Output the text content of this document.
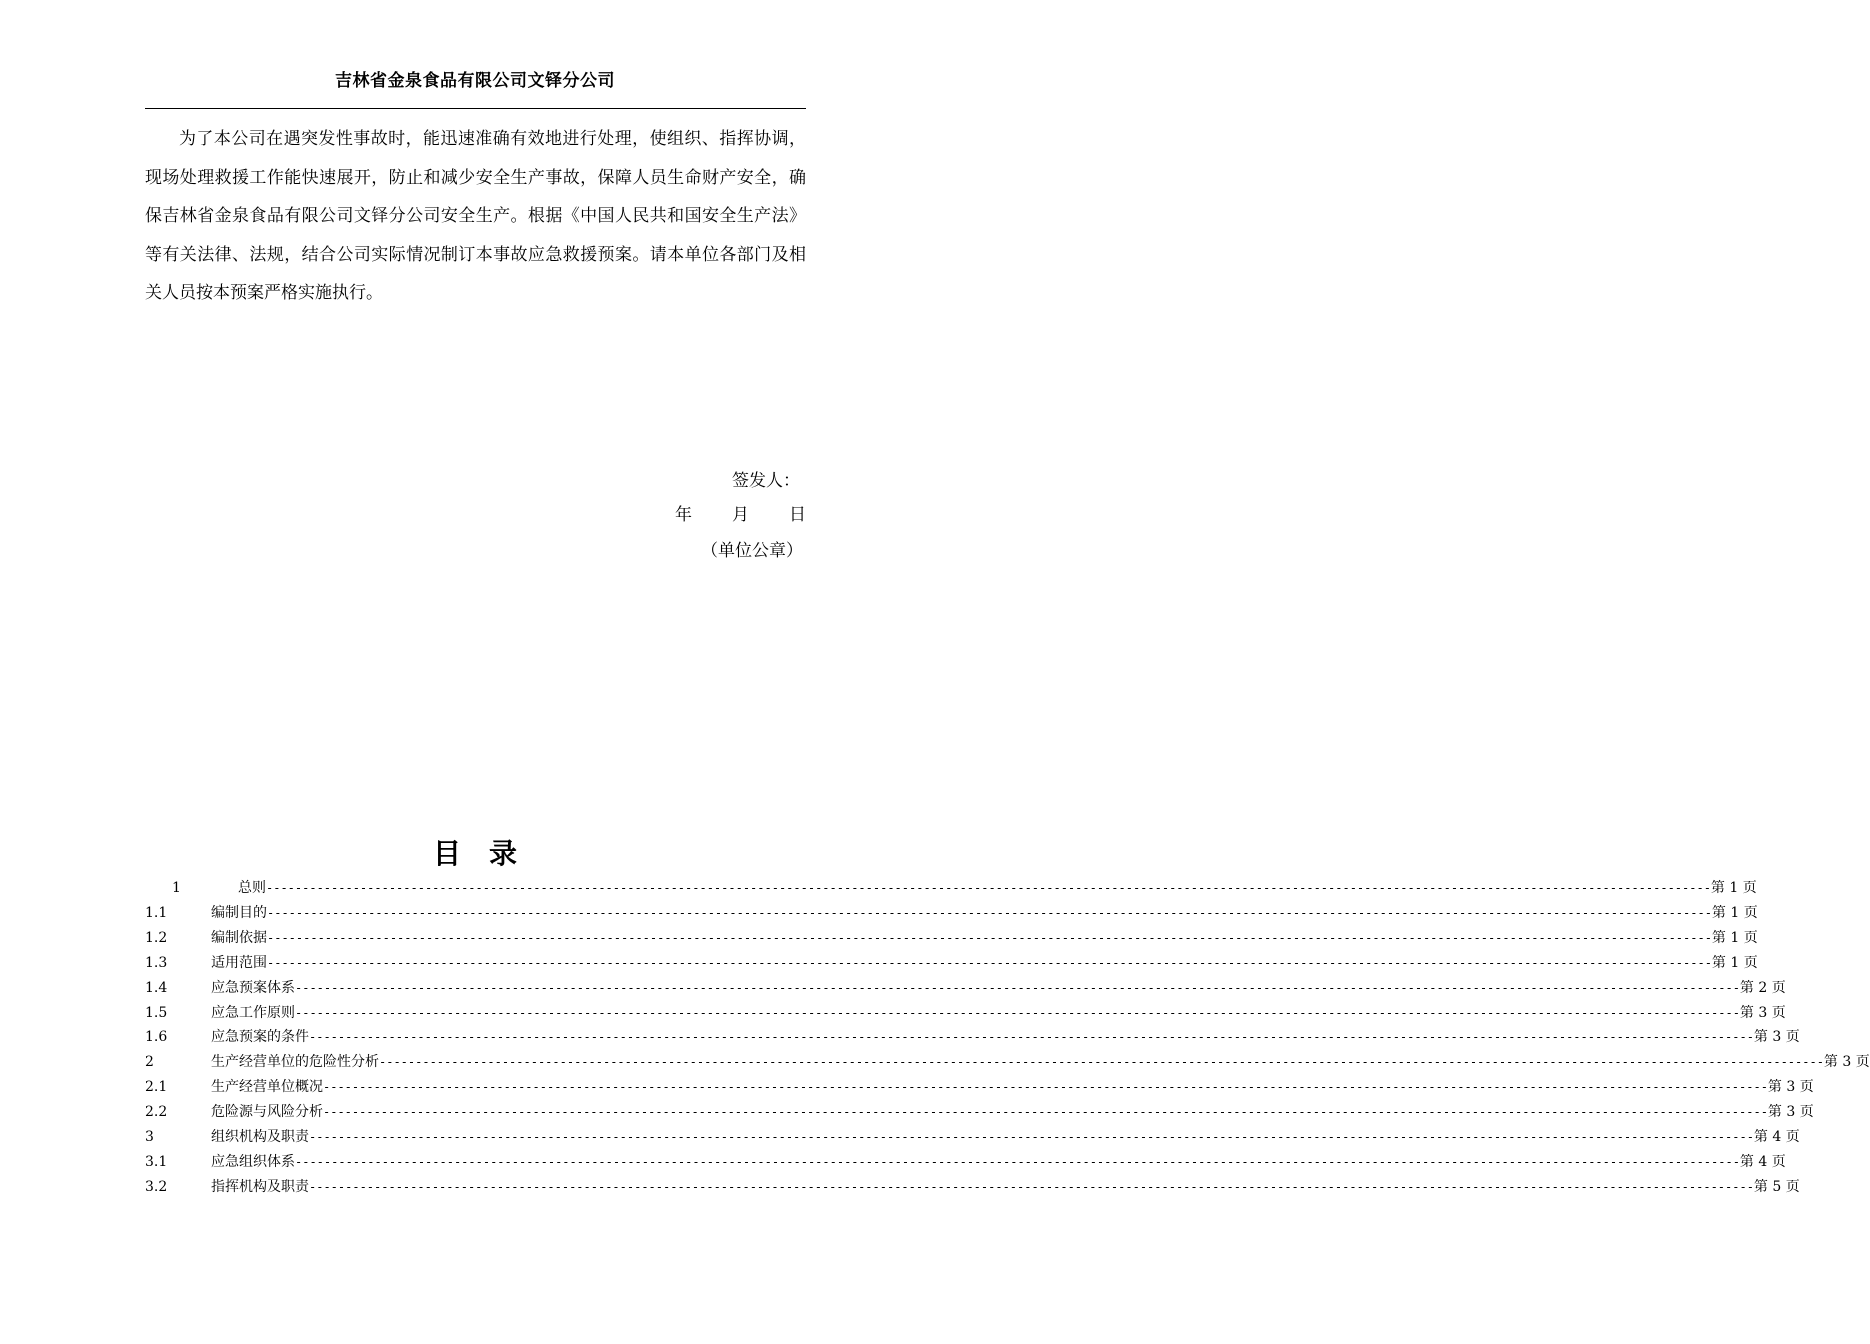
吉林省金泉食品有限公司文铎分公司

为了本公司在遇突发性事故时，能迅速准确有效地进行处理，使组织、指挥协调，现场处理救援工作能快速展开，防止和减少安全生产事故，保障人员生命财产安全，确保吉林省金泉食品有限公司文铎分公司安全生产。根据《中国人民共和国安全生产法》等有关法律、法规，结合公司实际情况制订本事故应急救援预案。请本单位各部门及相关人员按本预案严格实施执行。

签发人：
年 月 日
（单位公章）
目录
1	总则 -------------------------------------------------------------------------------------------------------------------------------------------------------------------------------------------------------- 第 1 页
1.1	编制目的 -------------------------------------------------------------------------------------------------------------------------------------------------------------------------------------------------------- 第 1 页
1.2	编制依据 -------------------------------------------------------------------------------------------------------------------------------------------------------------------------------------------------------- 第 1 页
1.3	适用范围 -------------------------------------------------------------------------------------------------------------------------------------------------------------------------------------------------------- 第 1 页
1.4	应急预案体系 -------------------------------------------------------------------------------------------------------------------------------------------------------------------------------------------------------- 第 2 页
1.5	应急工作原则 -------------------------------------------------------------------------------------------------------------------------------------------------------------------------------------------------------- 第 3 页
1.6	应急预案的条件 -------------------------------------------------------------------------------------------------------------------------------------------------------------------------------------------------------- 第 3 页
2	生产经营单位的危险性分析 -------------------------------------------------------------------------------------------------------------------------------------------------------------------------------------------------------- 第 3 页
2.1	生产经营单位概况 -------------------------------------------------------------------------------------------------------------------------------------------------------------------------------------------------------- 第 3 页
2.2	危险源与风险分析 -------------------------------------------------------------------------------------------------------------------------------------------------------------------------------------------------------- 第 3 页
3	组织机构及职责 -------------------------------------------------------------------------------------------------------------------------------------------------------------------------------------------------------- 第 4 页
3.1	应急组织体系 -------------------------------------------------------------------------------------------------------------------------------------------------------------------------------------------------------- 第 4 页
3.2	指挥机构及职责 -------------------------------------------------------------------------------------------------------------------------------------------------------------------------------------------------------- 第 5 页
